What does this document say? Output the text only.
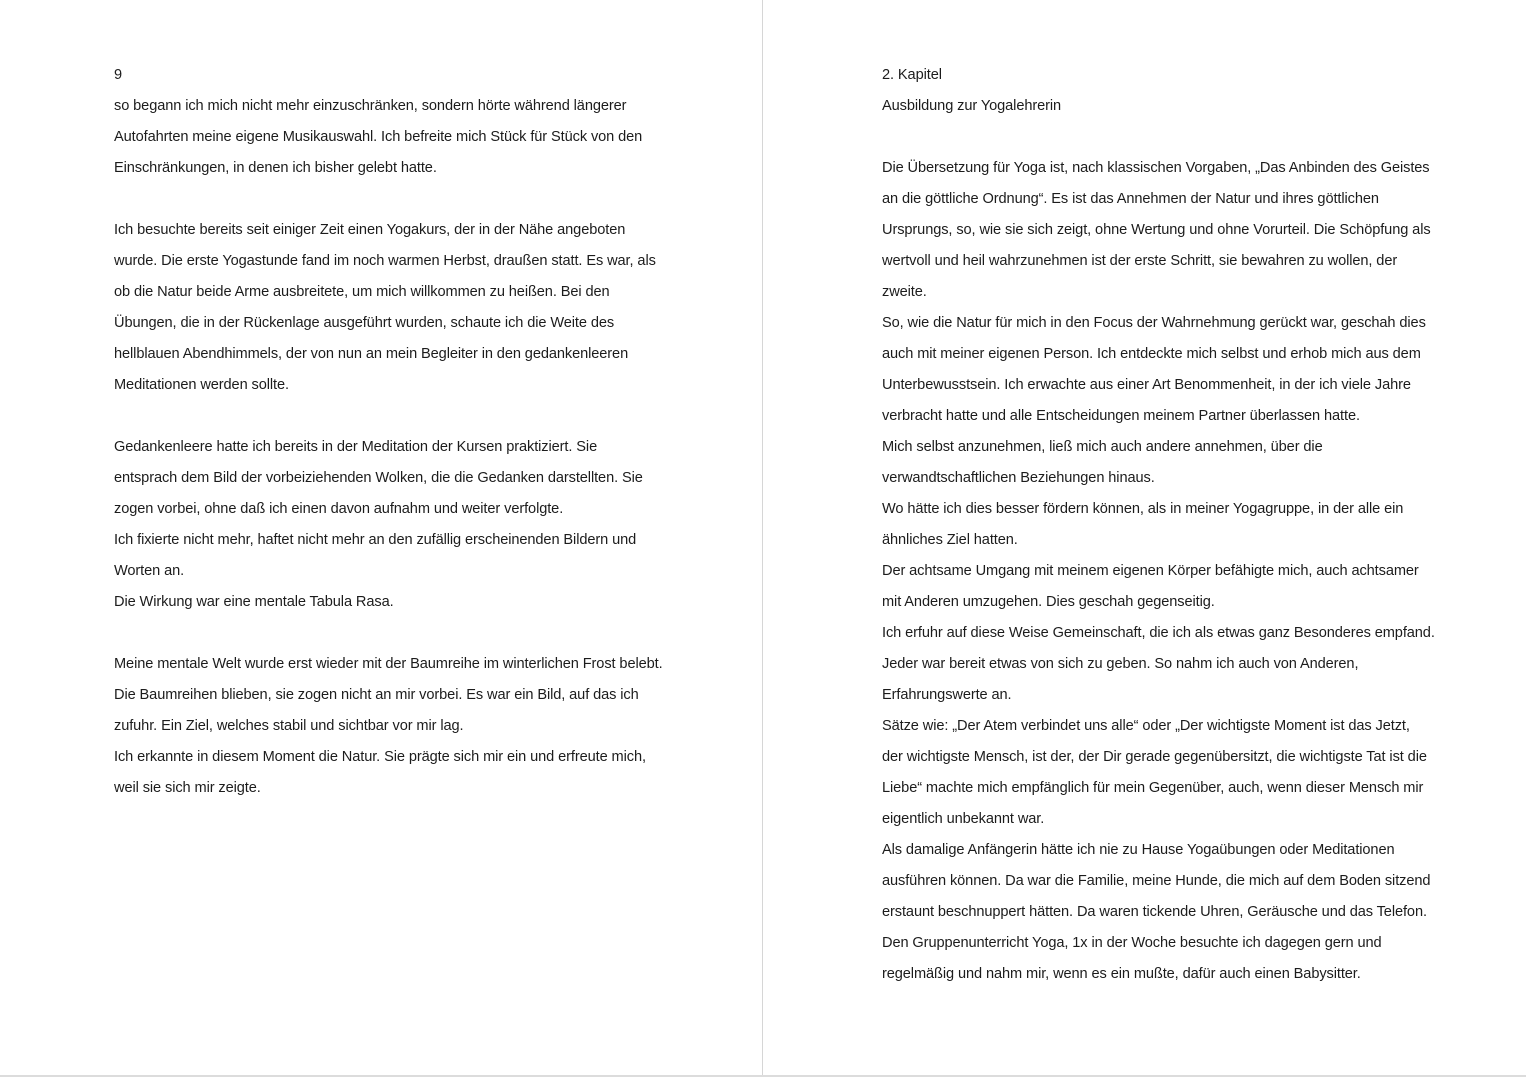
9
so begann ich mich nicht mehr einzuschränken, sondern hörte während längerer
Autofahrten meine eigene Musikauswahl. Ich befreite mich Stück für Stück von den
Einschränkungen, in denen ich bisher gelebt hatte.
Ich besuchte bereits seit einiger Zeit einen Yogakurs, der in der Nähe angeboten
wurde. Die erste Yogastunde fand im noch warmen Herbst, draußen statt. Es war, als
ob die Natur beide Arme ausbreitete, um mich willkommen zu heißen. Bei den
Übungen, die in der Rückenlage ausgeführt wurden, schaute ich die Weite des
hellblauen Abendhimmels, der von nun an mein Begleiter in den gedankenleeren
Meditationen werden sollte.
Gedankenleere hatte ich bereits in der Meditation der Kursen praktiziert. Sie
entsprach dem Bild der vorbeiziehenden Wolken, die die Gedanken darstellten. Sie
zogen vorbei, ohne daß ich einen davon aufnahm und weiter verfolgte.
Ich fixierte nicht mehr, haftet nicht mehr an den zufällig erscheinenden Bildern und
Worten an.
Die Wirkung war eine mentale Tabula Rasa.
Meine mentale Welt wurde erst wieder mit der Baumreihe im winterlichen Frost belebt.
Die Baumreihen blieben, sie zogen nicht an mir vorbei. Es war ein Bild, auf das ich
zufuhr. Ein Ziel, welches stabil und sichtbar vor mir lag.
Ich erkannte in diesem Moment die Natur. Sie prägte sich mir ein und erfreute mich,
weil sie sich mir zeigte.
2. Kapitel
Ausbildung zur Yogalehrerin
Die Übersetzung für Yoga ist, nach klassischen Vorgaben, „Das Anbinden des Geistes
an die göttliche Ordnung“. Es ist das Annehmen der Natur und ihres göttlichen
Ursprungs, so, wie sie sich zeigt, ohne Wertung und ohne Vorurteil. Die Schöpfung als
wertvoll und heil wahrzunehmen ist der erste Schritt, sie bewahren zu wollen, der
zweite.
So, wie die Natur für mich in den Focus der Wahrnehmung gerückt war, geschah dies
auch mit meiner eigenen Person. Ich entdeckte mich selbst und erhob mich aus dem
Unterbewusstsein. Ich erwachte aus einer Art Benommenheit, in der ich viele Jahre
verbracht hatte und alle Entscheidungen meinem Partner überlassen hatte.
Mich selbst anzunehmen, ließ mich auch andere annehmen, über die
verwandtschaftlichen Beziehungen hinaus.
Wo hätte ich dies besser fördern können, als in meiner Yogagruppe, in der alle ein
ähnliches Ziel hatten.
Der achtsame Umgang mit meinem eigenen Körper befähigte mich, auch achtsamer
mit Anderen umzugehen. Dies geschah gegenseitig.
Ich erfuhr auf diese Weise Gemeinschaft, die ich als etwas ganz Besonderes empfand.
Jeder war bereit etwas von sich zu geben. So nahm ich auch von Anderen,
Erfahrungswerte an.
Sätze wie: „Der Atem verbindet uns alle“ oder „Der wichtigste Moment ist das Jetzt,
der wichtigste Mensch, ist der, der Dir gerade gegenübersitzt, die wichtigste Tat ist die
Liebe“ machte mich empfänglich für mein Gegenüber, auch, wenn dieser Mensch mir
eigentlich unbekannt war.
Als damalige Anfängerin hätte ich nie zu Hause Yogaübungen oder Meditationen
ausführen können. Da war die Familie, meine Hunde, die mich auf dem Boden sitzend
erstaunt beschnuppert hätten. Da waren tickende Uhren, Geräusche und das Telefon.
Den Gruppenunterricht Yoga, 1x in der Woche besuchte ich dagegen gern und
regelmäßig und nahm mir, wenn es ein mußte, dafür auch einen Babysitter.
